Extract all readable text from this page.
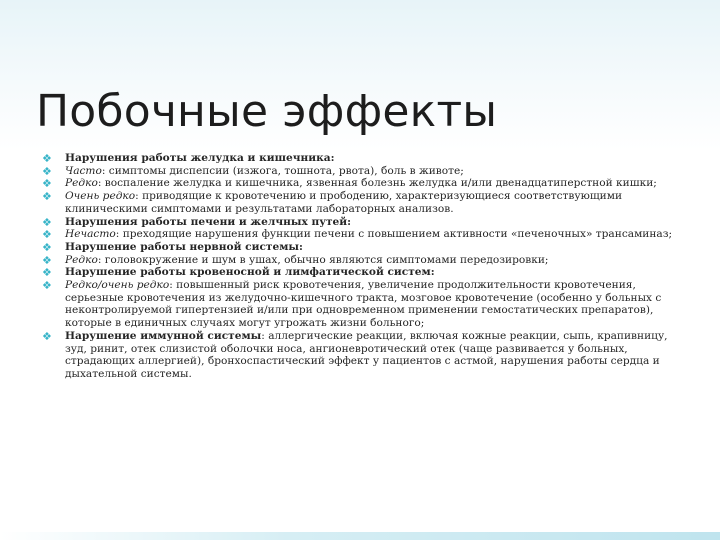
Побочные эффекты
❖ Нарушения работы желудка и кишечника:
❖ Часто: симптомы диспепсии (изжога, тошнота, рвота), боль в животе;
❖ Редко: воспаление желудка и кишечника, язвенная болезнь желудка и/или двенадцатиперстной кишки;
❖ Очень редко: приводящие к кровотечению и прободению, характеризующиеся соответствующими клиническими симптомами и результатами лабораторных анализов.
❖ Нарушения работы печени и желчных путей:
❖ Нечасто: преходящие нарушения функции печени с повышением активности «печеночных» трансаминаз;
❖ Нарушение работы нервной системы:
❖ Редко: головокружение и шум в ушах, обычно являются симптомами передозировки;
❖ Нарушение работы кровеносной и лимфатической систем:
❖ Редко/очень редко: повышенный риск кровотечения, увеличение продолжительности кровотечения, серьезные кровотечения из желудочно-кишечного тракта, мозговое кровотечение (особенно у больных с неконтролируемой гипертензией и/или при одновременном применении гемостатических препаратов), которые в единичных случаях могут угрожать жизни больного;
❖ Нарушение иммунной системы: аллергические реакции, включая кожные реакции, сыпь, крапивницу, зуд, ринит, отек слизистой оболочки носа, ангионевротический отек (чаще развивается у больных, страдающих аллергией), бронхоспастический эффект у пациентов с астмой, нарушения работы сердца и дыхательной системы.
